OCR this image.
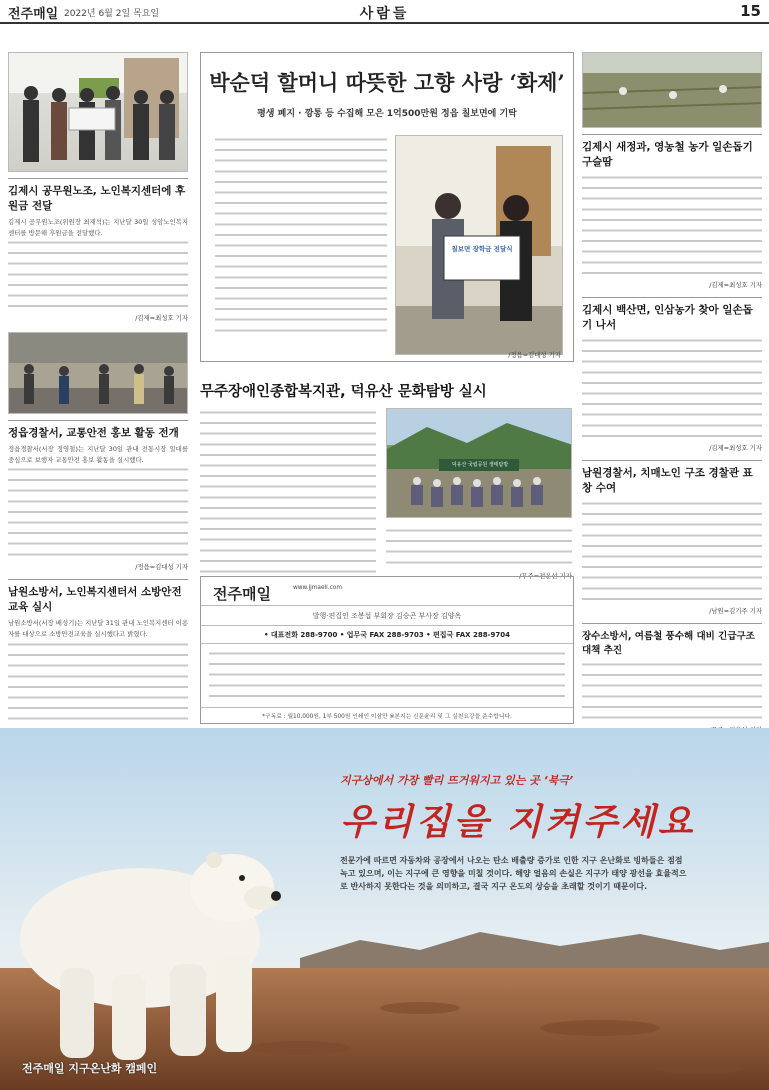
전주매일 2022년 6월 2일 목요일	사람들	15
김제시 공무원노조, 노인복지센터에 후원금 전달
김제시 공무원노조(위원장 최재석)는 지난달 30일 성암노인복지센터를 방문해 후원금을 전달했다.
/김제=최성호 기자
정읍경찰서, 교통안전 홍보 활동 전개
정읍경찰서(서장 정영철)는 지난달 30일 관내 전통시장 일대를 중심으로 보행자 교통안전 홍보 활동을 실시했다.
/정읍=김대성 기자
남원소방서, 노인복지센터서 소방안전교육 실시
남원소방서(서장 배성기)는 지난달 31일 관내 노인복지센터 이용자를 대상으로 소방안전교육을 실시했다고 밝혔다.
박순덕 할머니 따뜻한 고향 사랑 ‘화제’
평생 폐지 · 깡통 등 수집해 모은 1억500만원 정읍 칠보면에 기탁
칠보면 장학금 전달식
/정읍=김대성 기자
무주장애인종합복지관, 덕유산 문화탐방 실시
덕유산 국립공원 생태탐방
/무주=전운선 기자
전주매일	www.jjmaeil.com
발행·편집인 조봉섭 부회장 김승곤 부사장 김양옥
• 대표전화 288-9700 • 업무국 FAX 288-9703 • 편집국 FAX 288-9704
*구독료 : 월10,000원, 1부 500원 인쇄인 이삼만 ※본지는 신문윤리 및 그 실천요강을 준수합니다.
김제시 새정과, 영농철 농가 일손돕기 구슬땀
/김제=최성호 기자
김제시 백산면, 인삼농가 찾아 일손돕기 나서
/김제=최성호 기자
남원경찰서, 치매노인 구조 경찰관 표창 수여
/남원=김기주 기자
장수소방서, 여름철 풍수해 대비 긴급구조 대책 추진
지구상에서 가장 빨리 뜨거워지고 있는 곳 ‘북극’
우리집을 지켜주세요
전문가에 따르면 자동차와 공장에서 나오는 탄소 배출량 증가로 인한 지구 온난화로 빙하들은 점점
녹고 있으며, 이는 지구에 큰 영향을 미칠 것이다. 해양 얼음의 손실은 지구가 태양 광선을 효율적으
로 반사하지 못한다는 것을 의미하고, 결국 지구 온도의 상승을 초래할 것이기 때문이다.
전주매일 지구온난화 캠페인
